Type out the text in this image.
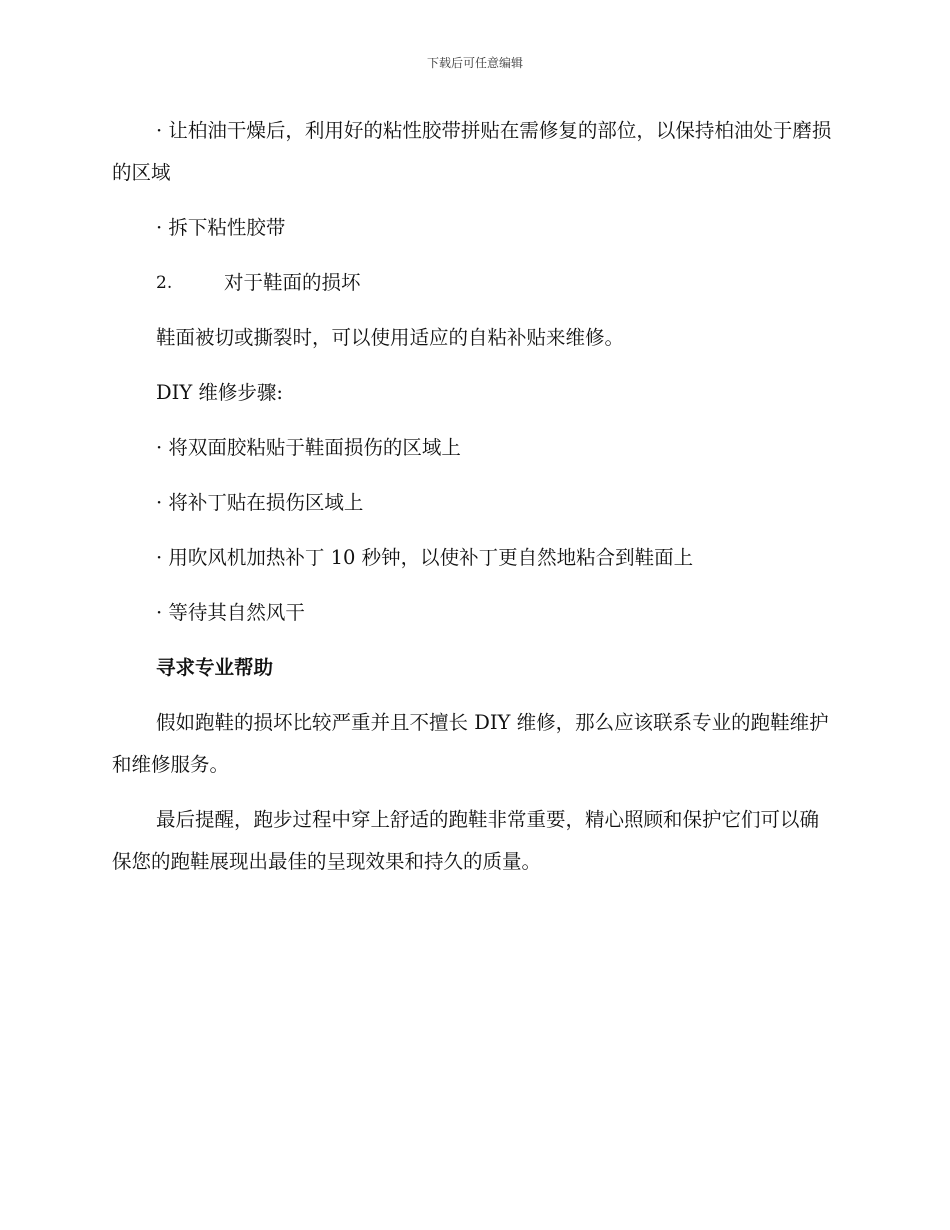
下载后可任意编辑
· 让柏油干燥后，利用好的粘性胶带拼贴在需修复的部位，以保持柏油处于磨损的区域
· 拆下粘性胶带
2.	对于鞋面的损坏
鞋面被切或撕裂时，可以使用适应的自粘补贴来维修。
DIY 维修步骤:
· 将双面胶粘贴于鞋面损伤的区域上
· 将补丁贴在损伤区域上
· 用吹风机加热补丁 10 秒钟，以使补丁更自然地粘合到鞋面上
· 等待其自然风干
寻求专业帮助
假如跑鞋的损坏比较严重并且不擅长 DIY 维修，那么应该联系专业的跑鞋维护和维修服务。
最后提醒，跑步过程中穿上舒适的跑鞋非常重要，精心照顾和保护它们可以确保您的跑鞋展现出最佳的呈现效果和持久的质量。
